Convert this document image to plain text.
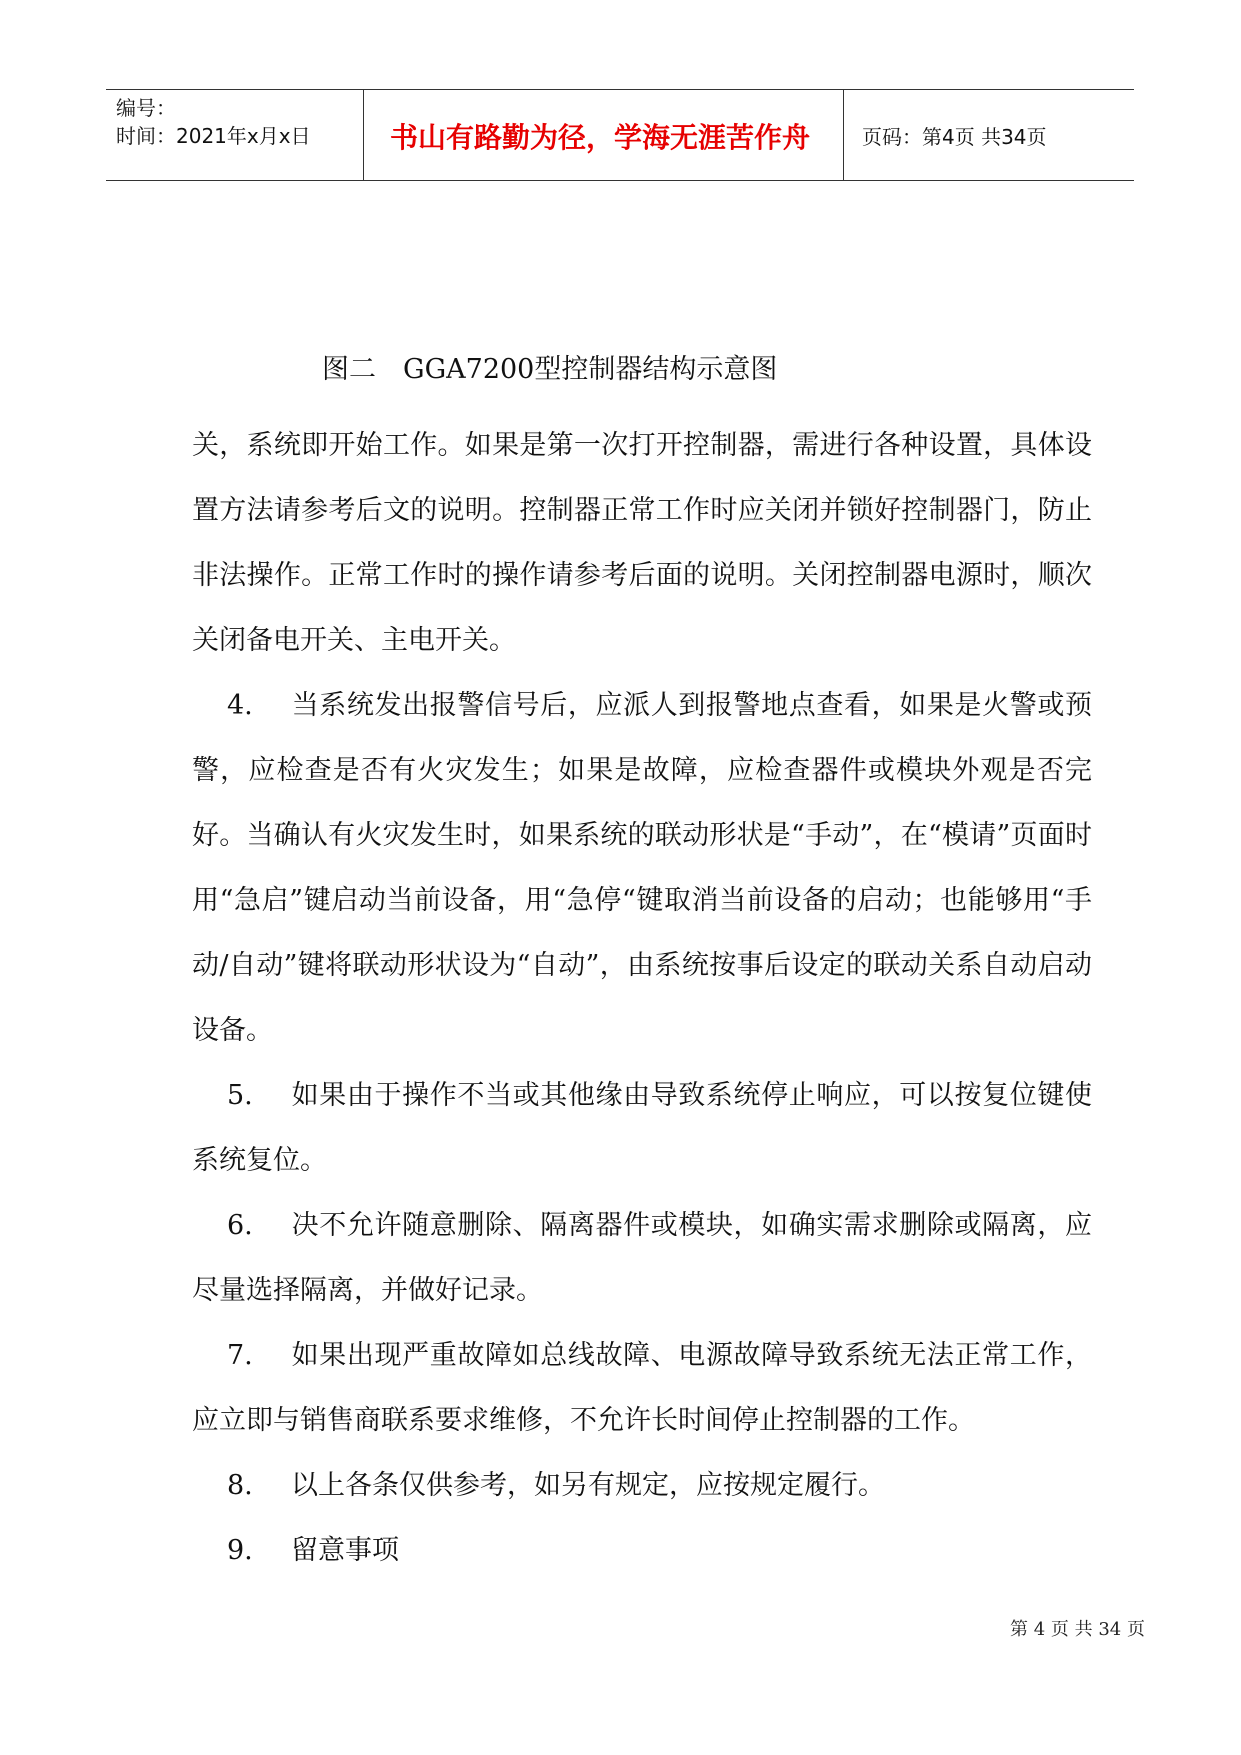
编号：
时间：2021年x月x日	书山有路勤为径，学海无涯苦作舟	页码：第4页 共34页
图二　GGA7200型控制器结构示意图

关，系统即开始工作。如果是第一次打开控制器，需进行各种设置，具体设置方法请参考后文的说明。控制器正常工作时应关闭并锁好控制器门，防止非法操作。正常工作时的操作请参考后面的说明。关闭控制器电源时，顺次关闭备电开关、主电开关。

4. 当系统发出报警信号后，应派人到报警地点查看，如果是火警或预警，应检查是否有火灾发生；如果是故障，应检查器件或模块外观是否完好。当确认有火灾发生时，如果系统的联动形状是“手动”，在“模请”页面时用“急启”键启动当前设备，用“急停“键取消当前设备的启动；也能够用“手动/自动”键将联动形状设为“自动”，由系统按事后设定的联动关系自动启动设备。

5. 如果由于操作不当或其他缘由导致系统停止响应，可以按复位键使系统复位。

6. 决不允许随意删除、隔离器件或模块，如确实需求删除或隔离，应尽量选择隔离，并做好记录。

7. 如果出现严重故障如总线故障、电源故障导致系统无法正常工作，应立即与销售商联系要求维修，不允许长时间停止控制器的工作。

8. 以上各条仅供参考，如另有规定，应按规定履行。

9. 留意事项

第 4 页 共 34 页
